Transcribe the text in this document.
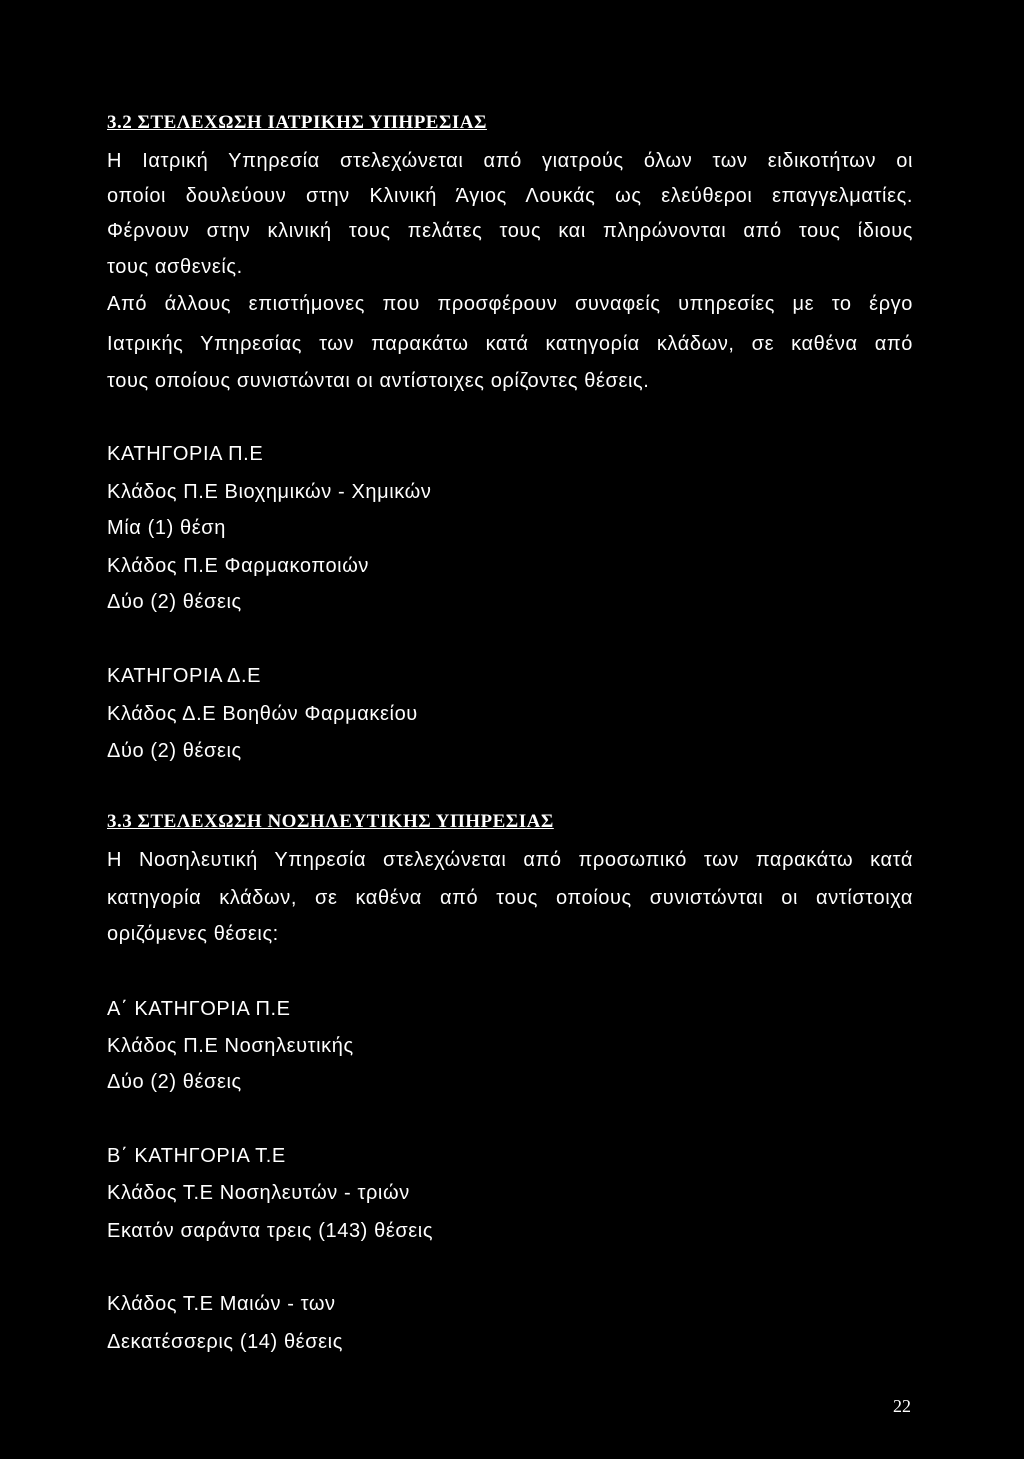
3.2 ΣΤΕΛΕΧΩΣΗ ΙΑΤΡΙΚΗΣ ΥΠΗΡΕΣΙΑΣ
Η Ιατρική Υπηρεσία στελεχώνεται από γιατρούς όλων των ειδικοτήτων οι
οποίοι δουλεύουν στην Κλινική Άγιος Λουκάς ως ελεύθεροι επαγγελματίες.
Φέρνουν στην κλινική τους πελάτες τους και πληρώνονται από τους ίδιους
τους ασθενείς.
Από άλλους επιστήμονες που προσφέρουν συναφείς υπηρεσίες με το έργο
Ιατρικής Υπηρεσίας των παρακάτω κατά κατηγορία κλάδων, σε καθένα από
τους οποίους συνιστώνται οι αντίστοιχες ορίζοντες θέσεις.
ΚΑΤΗΓΟΡΙΑ Π.Ε
Κλάδος Π.Ε Βιοχημικών - Χημικών
Μία (1) θέση
Κλάδος Π.Ε Φαρμακοποιών
Δύο (2) θέσεις
ΚΑΤΗΓΟΡΙΑ Δ.Ε
Κλάδος Δ.Ε Βοηθών Φαρμακείου
Δύο (2) θέσεις
3.3 ΣΤΕΛΕΧΩΣΗ ΝΟΣΗΛΕΥΤΙΚΗΣ ΥΠΗΡΕΣΙΑΣ
Η Νοσηλευτική Υπηρεσία στελεχώνεται από προσωπικό των παρακάτω κατά
κατηγορία κλάδων, σε καθένα από τους οποίους συνιστώνται οι αντίστοιχα
οριζόμενες θέσεις:
Α΄ ΚΑΤΗΓΟΡΙΑ Π.Ε
Κλάδος Π.Ε Νοσηλευτικής
Δύο (2) θέσεις
Β΄ ΚΑΤΗΓΟΡΙΑ Τ.Ε
Κλάδος Τ.Ε Νοσηλευτών - τριών
Εκατόν σαράντα τρεις (143) θέσεις
Κλάδος Τ.Ε Μαιών - των
Δεκατέσσερις (14) θέσεις
22
